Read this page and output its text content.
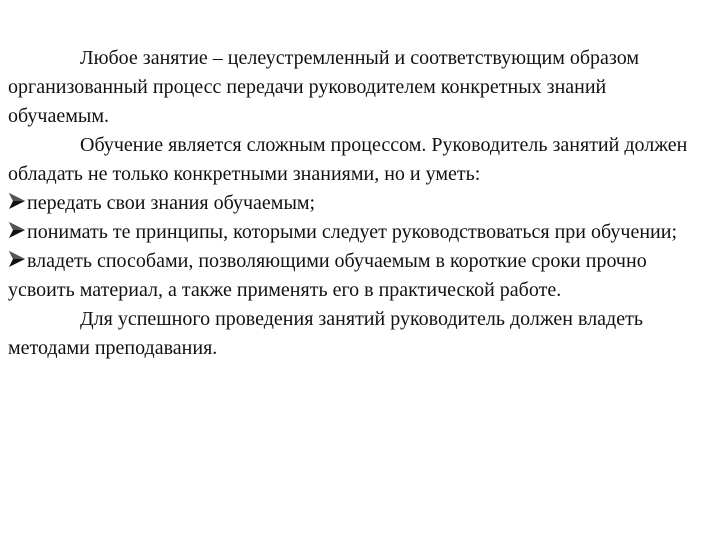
Любое занятие – целеустремленный и соответствующим образом организованный процесс передачи руководителем конкретных знаний обучаемым.

Обучение является сложным процессом. Руководитель занятий должен обладать не только конкретными знаниями, но и уметь:

передать свои знания обучаемым;

понимать те принципы, которыми следует руководствоваться при обучении;

владеть способами, позволяющими обучаемым в короткие сроки прочно усвоить материал, а также применять его в практической работе.

Для успешного проведения занятий руководитель должен владеть методами преподавания.
